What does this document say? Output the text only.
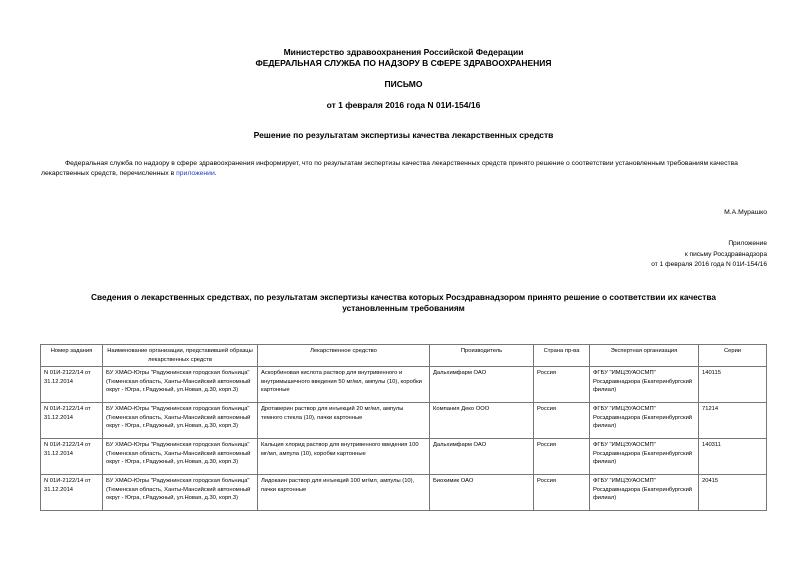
Министерство здравоохранения Российской Федерации
ФЕДЕРАЛЬНАЯ СЛУЖБА ПО НАДЗОРУ В СФЕРЕ ЗДРАВООХРАНЕНИЯ
ПИСЬМО
от 1 февраля 2016 года N 01И-154/16
Решение по результатам экспертизы качества лекарственных средств
Федеральная служба по надзору в сфере здравоохранения информирует, что по результатам экспертизы качества лекарственных средств принято решение о соответствии установленным требованиям качества лекарственных средств, перечисленных в приложении.
М.А.Мурашко
Приложение
к письму Росздравнадзора
от 1 февраля 2016 года N 01И-154/16
Сведения о лекарственных средствах, по результатам экспертизы качества которых Росздравнадзором принято решение о соответствии их качества установленным требованиям
Номер задания	Наименование организации, представившей образцы лекарственных средств	Лекарственное средство	Производитель	Страна пр-ва	Экспертная организация	Серии
N 01И-2122/14 от 31.12.2014	БУ ХМАО-Югры "Радужнинская городская больница" (Тюменская область, Ханты-Мансийский автономный округ - Югра, г.Радужный, ул.Новая, д.30, корп.3)	Аскорбиновая кислота раствор для внутривенного и внутримышечного введения 50 мг/мл, ампулы (10), коробки картонные	Дальхимфарм ОАО	Россия	ФГБУ "ИМЦЭУАОСМП" Росздравнадзора (Екатеринбургский филиал)	140115
N 01И-2122/14 от 31.12.2014	БУ ХМАО-Югры "Радужнинская городская больница" (Тюменская область, Ханты-Мансийский автономный округ - Югра, г.Радужный, ул.Новая, д.30, корп.3)	Дротаверин раствор для инъекций 20 мг/мл, ампулы темного стекла (10), пачки картонные	Компания Деко ООО	Россия	ФГБУ "ИМЦЭУАОСМП" Росздравнадзора (Екатеринбургский филиал)	71214
N 01И-2122/14 от 31.12.2014	БУ ХМАО-Югры "Радужнинская городская больница" (Тюменская область, Ханты-Мансийский автономный округ - Югра, г.Радужный, ул.Новая, д.30, корп.3)	Кальция хлорид раствор для внутривенного введения 100 мг/мл, ампула (10), коробки картонные	Дальхимфарм ОАО	Россия	ФГБУ "ИМЦЭУАОСМП" Росздравнадзора (Екатеринбургский филиал)	140311
N 01И-2122/14 от 31.12.2014	БУ ХМАО-Югры "Радужнинская городская больница" (Тюменская область, Ханты-Мансийский автономный округ - Югра, г.Радужный, ул.Новая, д.30, корп.3)	Лидокаин раствор для инъекций 100 мг/мл, ампулы (10), пачки картонные	Биохимик ОАО	Россия	ФГБУ "ИМЦЭУАОСМП" Росздравнадзора (Екатеринбургский филиал)	20415
